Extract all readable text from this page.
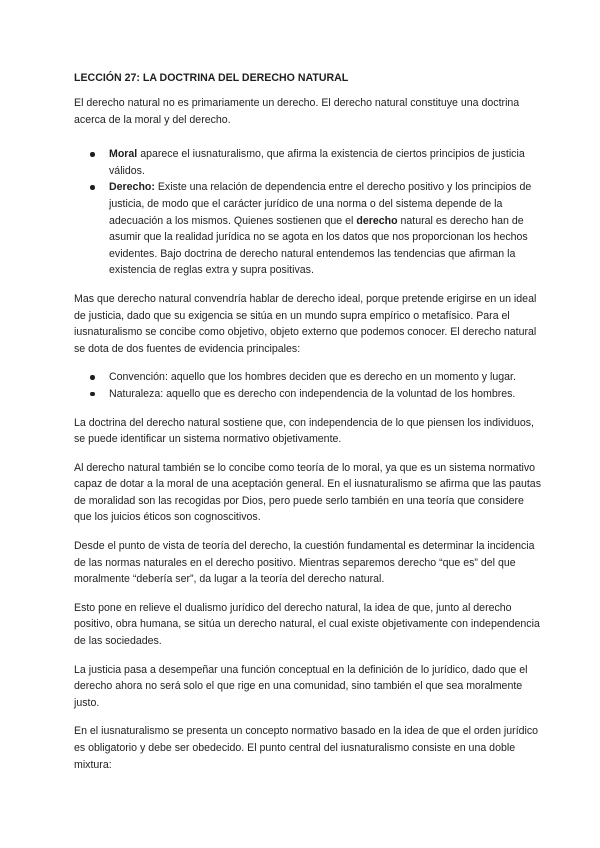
LECCIÓN 27: LA DOCTRINA DEL DERECHO NATURAL

El derecho natural no es primariamente un derecho. El derecho natural constituye una doctrina acerca de la moral y del derecho.

Moral aparece el iusnaturalismo, que afirma la existencia de ciertos principios de justicia válidos.
Derecho: Existe una relación de dependencia entre el derecho positivo y los principios de justicia, de modo que el carácter jurídico de una norma o del sistema depende de la adecuación a los mismos. Quienes sostienen que el derecho natural es derecho han de asumir que la realidad jurídica no se agota en los datos que nos proporcionan los hechos evidentes. Bajo doctrina de derecho natural entendemos las tendencias que afirman la existencia de reglas extra y supra positivas.

Mas que derecho natural convendría hablar de derecho ideal, porque pretende erigirse en un ideal de justicia, dado que su exigencia se sitúa en un mundo supra empírico o metafísico. Para el iusnaturalismo se concibe como objetivo, objeto externo que podemos conocer. El derecho natural se dota de dos fuentes de evidencia principales:

Convención: aquello que los hombres deciden que es derecho en un momento y lugar.
Naturaleza: aquello que es derecho con independencia de la voluntad de los hombres.

La doctrina del derecho natural sostiene que, con independencia de lo que piensen los individuos, se puede identificar un sistema normativo objetivamente.

Al derecho natural también se lo concibe como teoría de lo moral, ya que es un sistema normativo capaz de dotar a la moral de una aceptación general. En el iusnaturalismo se afirma que las pautas de moralidad son las recogidas por Dios, pero puede serlo también en una teoría que considere que los juicios éticos son cognoscitivos.

Desde el punto de vista de teoría del derecho, la cuestión fundamental es determinar la incidencia de las normas naturales en el derecho positivo. Mientras separemos derecho “que es” del que moralmente “debería ser”, da lugar a la teoría del derecho natural.

Esto pone en relieve el dualismo jurídico del derecho natural, la idea de que, junto al derecho positivo, obra humana, se sitúa un derecho natural, el cual existe objetivamente con independencia de las sociedades.

La justicia pasa a desempeñar una función conceptual en la definición de lo jurídico, dado que el derecho ahora no será solo el que rige en una comunidad, sino también el que sea moralmente justo.

En el iusnaturalismo se presenta un concepto normativo basado en la idea de que el orden jurídico es obligatorio y debe ser obedecido. El punto central del iusnaturalismo consiste en una doble mixtura:
